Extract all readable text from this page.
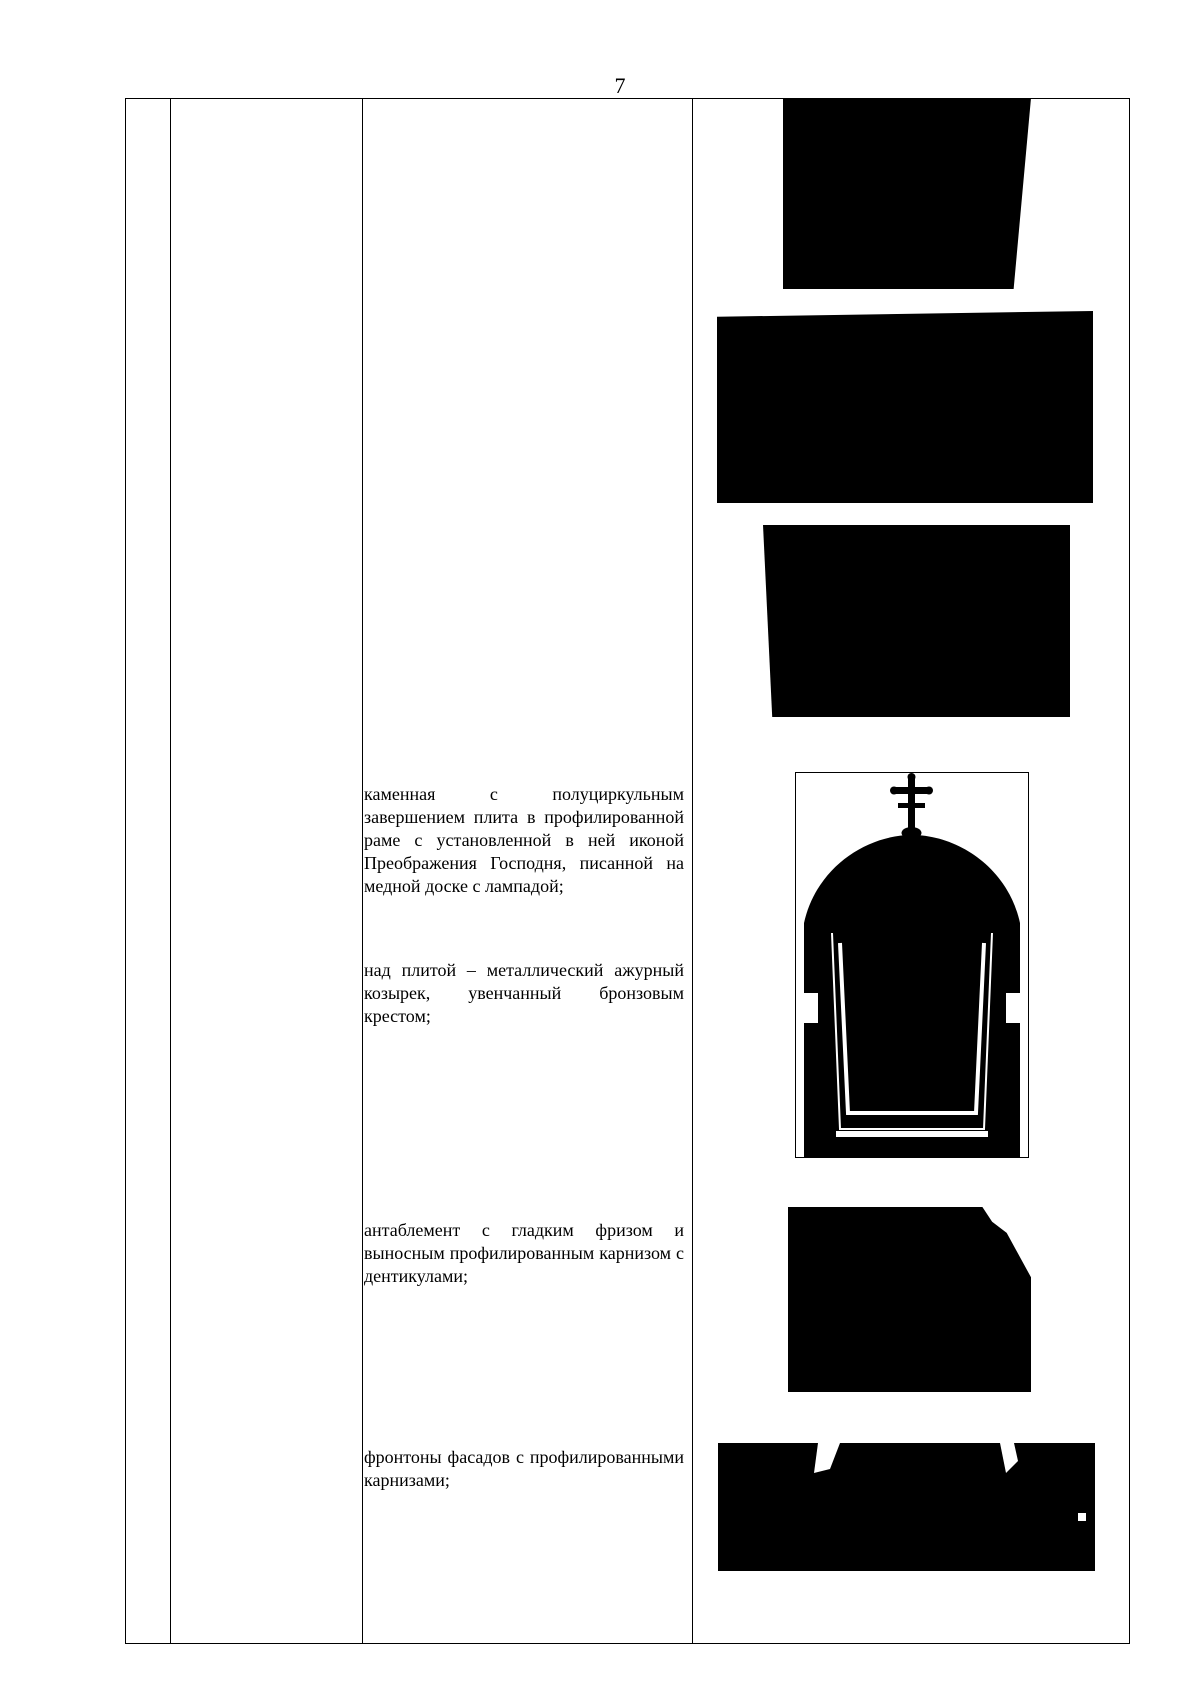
7
каменная с полуциркульным завершением плита в профилированной раме с установленной в ней иконой Преображения Господня, писанной на медной доске с лампадой;
над плитой – металлический ажурный козырек, увенчанный бронзовым крестом;
антаблемент с гладким фризом и выносным профилированным карнизом с дентикулами;
фронтоны фасадов с профилированными карнизами;
